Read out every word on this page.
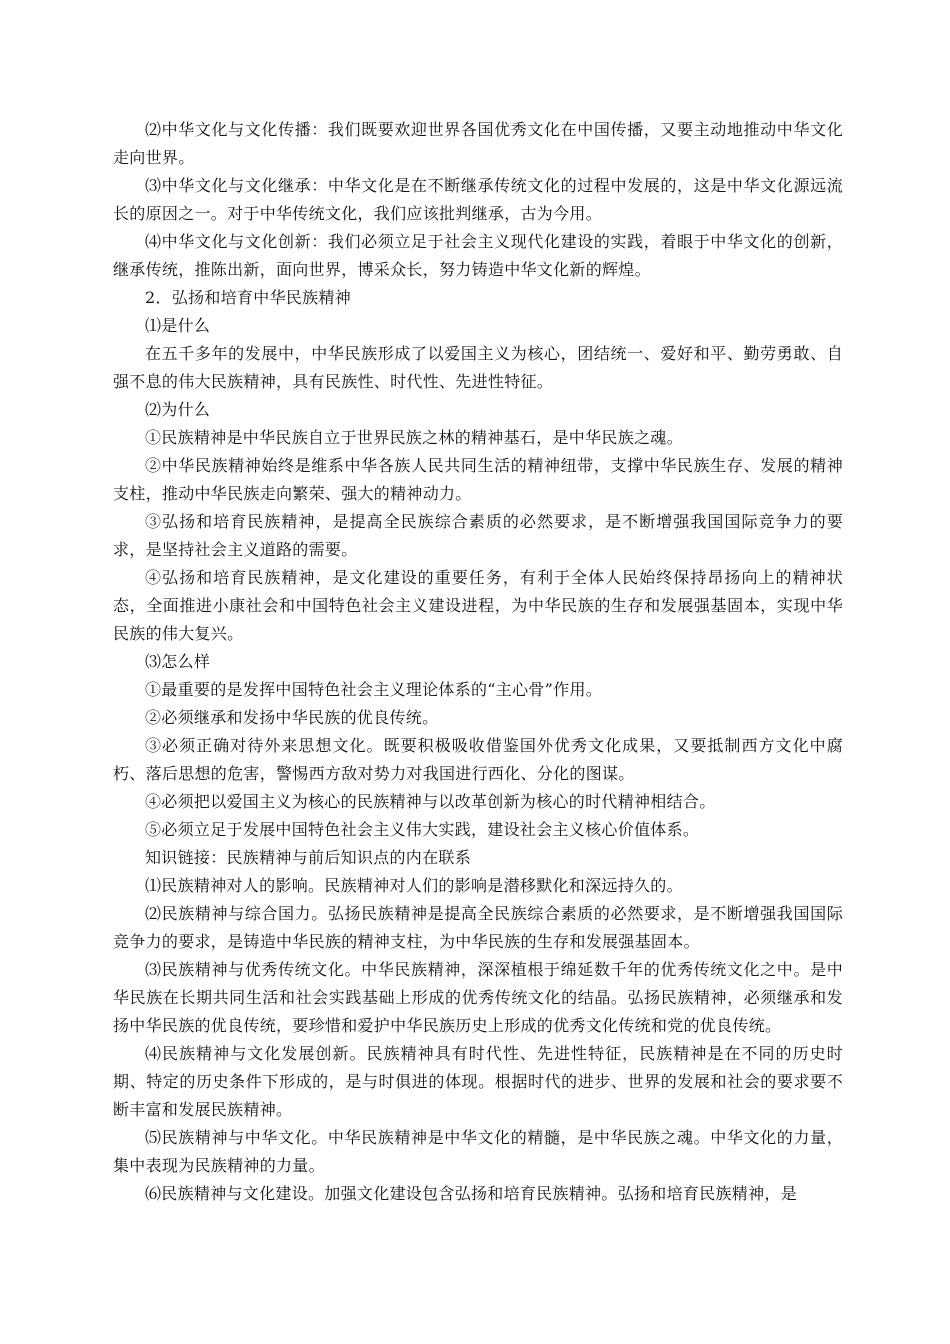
⑵中华文化与文化传播：我们既要欢迎世界各国优秀文化在中国传播，又要主动地推动中华文化走向世界。

⑶中华文化与文化继承：中华文化是在不断继承传统文化的过程中发展的，这是中华文化源远流长的原因之一。对于中华传统文化，我们应该批判继承，古为今用。

⑷中华文化与文化创新：我们必须立足于社会主义现代化建设的实践，着眼于中华文化的创新，继承传统，推陈出新，面向世界，博采众长，努力铸造中华文化新的辉煌。

2．弘扬和培育中华民族精神

⑴是什么

在五千多年的发展中，中华民族形成了以爱国主义为核心，团结统一、爱好和平、勤劳勇敢、自强不息的伟大民族精神，具有民族性、时代性、先进性特征。

⑵为什么

①民族精神是中华民族自立于世界民族之林的精神基石，是中华民族之魂。

②中华民族精神始终是维系中华各族人民共同生活的精神纽带，支撑中华民族生存、发展的精神支柱，推动中华民族走向繁荣、强大的精神动力。

③弘扬和培育民族精神，是提高全民族综合素质的必然要求，是不断增强我国国际竞争力的要求，是坚持社会主义道路的需要。

④弘扬和培育民族精神，是文化建设的重要任务，有利于全体人民始终保持昂扬向上的精神状态，全面推进小康社会和中国特色社会主义建设进程，为中华民族的生存和发展强基固本，实现中华民族的伟大复兴。

⑶怎么样

①最重要的是发挥中国特色社会主义理论体系的“主心骨”作用。

②必须继承和发扬中华民族的优良传统。

③必须正确对待外来思想文化。既要积极吸收借鉴国外优秀文化成果，又要抵制西方文化中腐朽、落后思想的危害，警惕西方敌对势力对我国进行西化、分化的图谋。

④必须把以爱国主义为核心的民族精神与以改革创新为核心的时代精神相结合。

⑤必须立足于发展中国特色社会主义伟大实践，建设社会主义核心价值体系。

知识链接：民族精神与前后知识点的内在联系

⑴民族精神对人的影响。民族精神对人们的影响是潜移默化和深远持久的。

⑵民族精神与综合国力。弘扬民族精神是提高全民族综合素质的必然要求，是不断增强我国国际竞争力的要求，是铸造中华民族的精神支柱，为中华民族的生存和发展强基固本。

⑶民族精神与优秀传统文化。中华民族精神，深深植根于绵延数千年的优秀传统文化之中。是中华民族在长期共同生活和社会实践基础上形成的优秀传统文化的结晶。弘扬民族精神，必须继承和发扬中华民族的优良传统，要珍惜和爱护中华民族历史上形成的优秀文化传统和党的优良传统。

⑷民族精神与文化发展创新。民族精神具有时代性、先进性特征，民族精神是在不同的历史时期、特定的历史条件下形成的，是与时俱进的体现。根据时代的进步、世界的发展和社会的要求要不断丰富和发展民族精神。

⑸民族精神与中华文化。中华民族精神是中华文化的精髓，是中华民族之魂。中华文化的力量，集中表现为民族精神的力量。

⑹民族精神与文化建设。加强文化建设包含弘扬和培育民族精神。弘扬和培育民族精神，是
